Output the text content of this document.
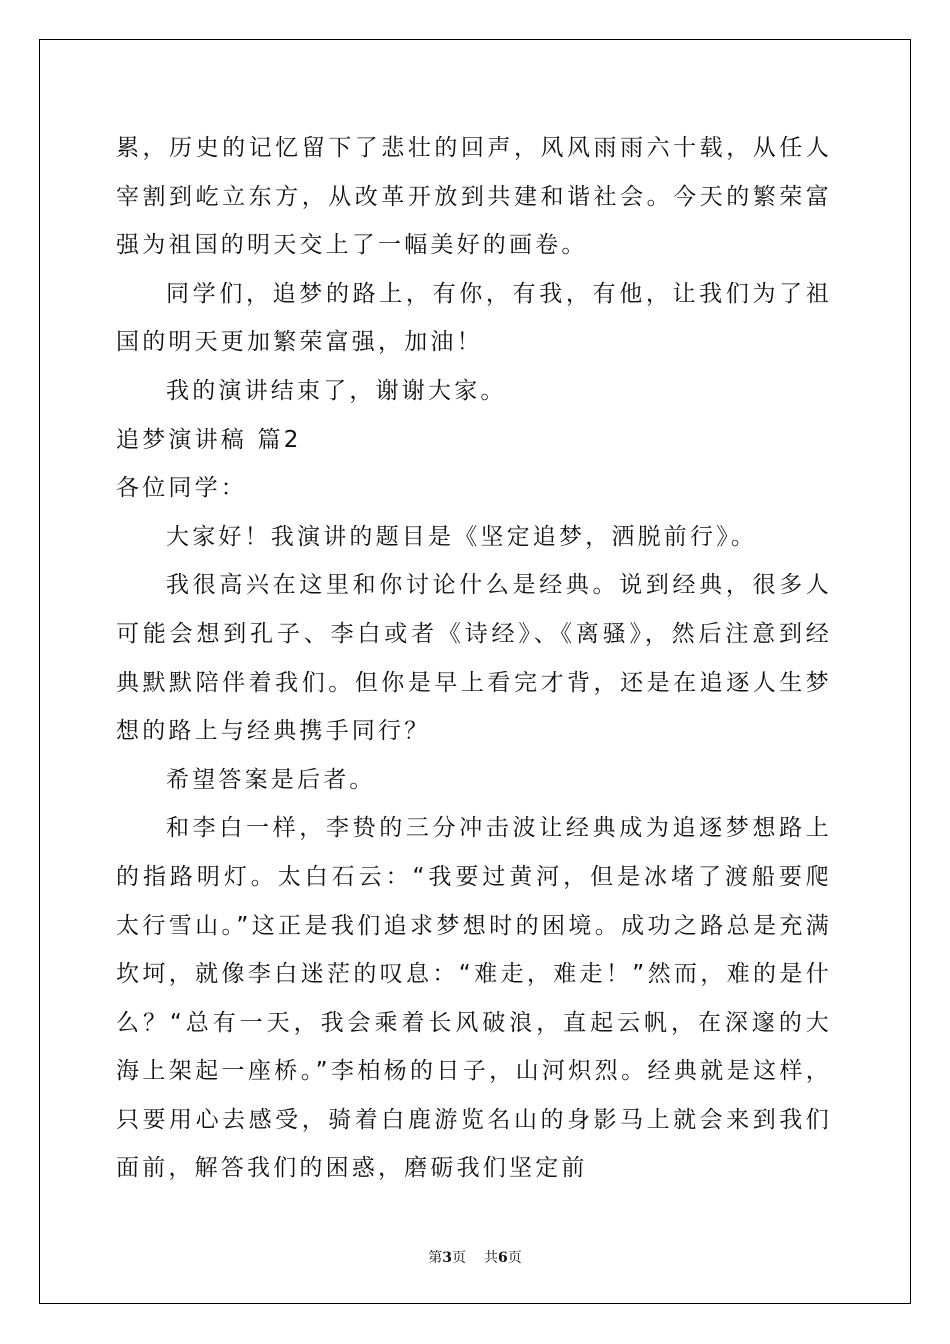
累，历史的记忆留下了悲壮的回声，风风雨雨六十载，从任人宰割到屹立东方，从改革开放到共建和谐社会。今天的繁荣富强为祖国的明天交上了一幅美好的画卷。

同学们，追梦的路上，有你，有我，有他，让我们为了祖国的明天更加繁荣富强，加油！

我的演讲结束了，谢谢大家。

追梦演讲稿 篇2

各位同学：

大家好！我演讲的题目是《坚定追梦，洒脱前行》。

我很高兴在这里和你讨论什么是经典。说到经典，很多人可能会想到孔子、李白或者《诗经》、《离骚》，然后注意到经典默默陪伴着我们。但你是早上看完才背，还是在追逐人生梦想的路上与经典携手同行？

希望答案是后者。

和李白一样，李贽的三分冲击波让经典成为追逐梦想路上的指路明灯。太白石云：“我要过黄河，但是冰堵了渡船要爬太行雪山。”这正是我们追求梦想时的困境。成功之路总是充满坎坷，就像李白迷茫的叹息：“难走，难走！”然而，难的是什么？“总有一天，我会乘着长风破浪，直起云帆，在深邃的大海上架起一座桥。”李柏杨的日子，山河炽烈。经典就是这样，只要用心去感受，骑着白鹿游览名山的身影马上就会来到我们面前，解答我们的困惑，磨砺我们坚定前

第3页 共6页
